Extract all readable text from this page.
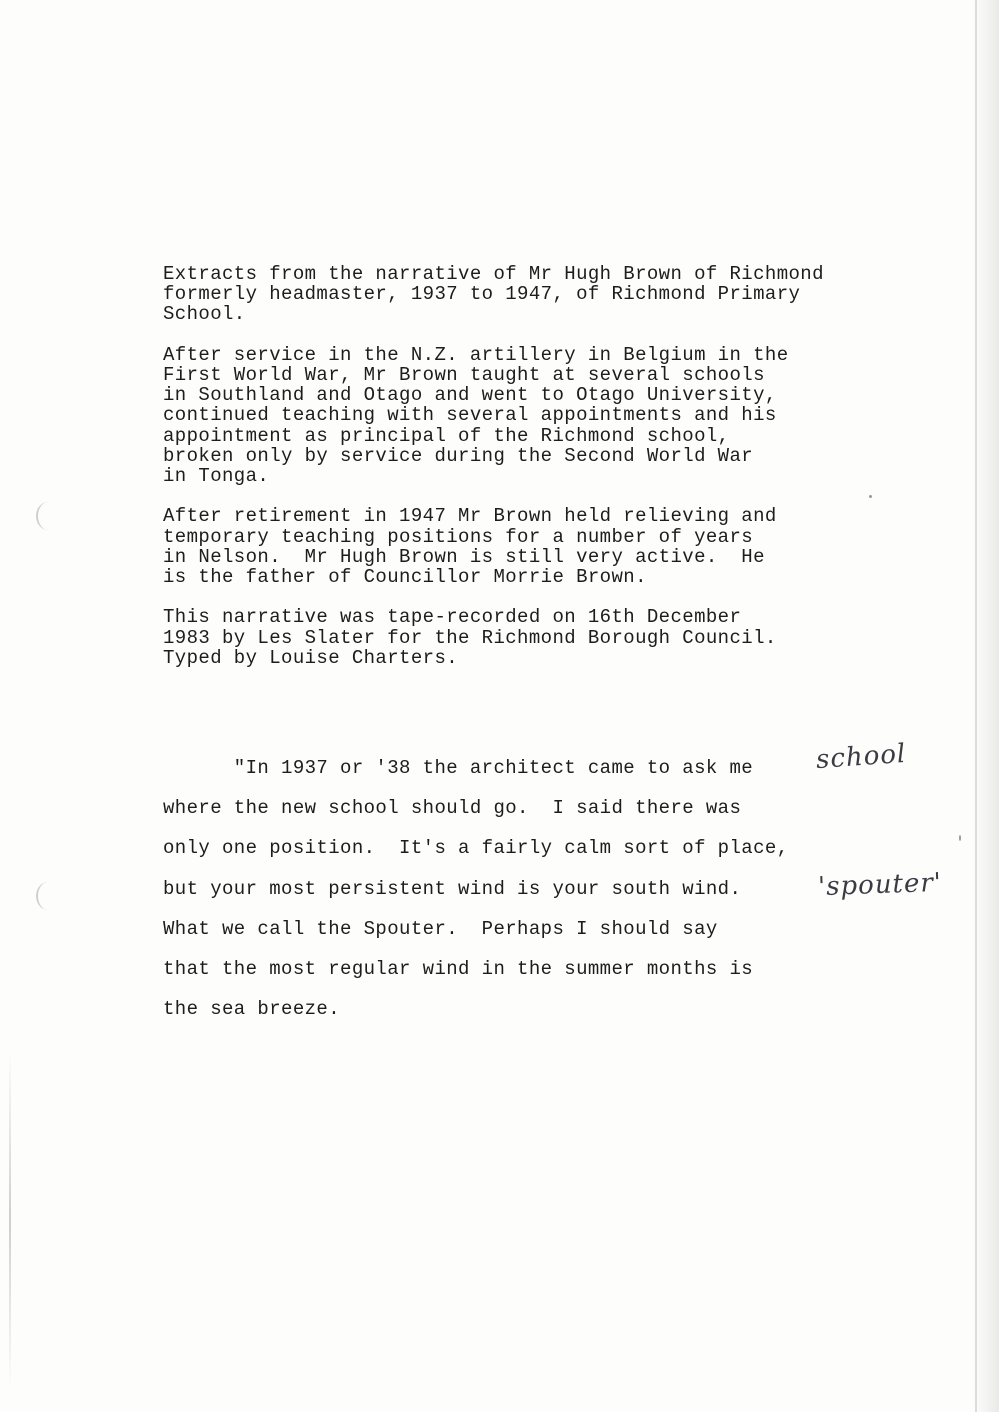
Extracts from the narrative of Mr Hugh Brown of Richmond
formerly headmaster, 1937 to 1947, of Richmond Primary
School.
After service in the N.Z. artillery in Belgium in the
First World War, Mr Brown taught at several schools
in Southland and Otago and went to Otago University,
continued teaching with several appointments and his
appointment as principal of the Richmond school,
broken only by service during the Second World War
in Tonga.
After retirement in 1947 Mr Brown held relieving and
temporary teaching positions for a number of years
in Nelson.  Mr Hugh Brown is still very active.  He
is the father of Councillor Morrie Brown.
This narrative was tape-recorded on 16th December
1983 by Les Slater for the Richmond Borough Council.
Typed by Louise Charters.
"In 1937 or '38 the architect came to ask me
where the new school should go.  I said there was
only one position.  It's a fairly calm sort of place,
but your most persistent wind is your south wind.
What we call the Spouter.  Perhaps I should say
that the most regular wind in the summer months is
the sea breeze.
school
'spouter'
